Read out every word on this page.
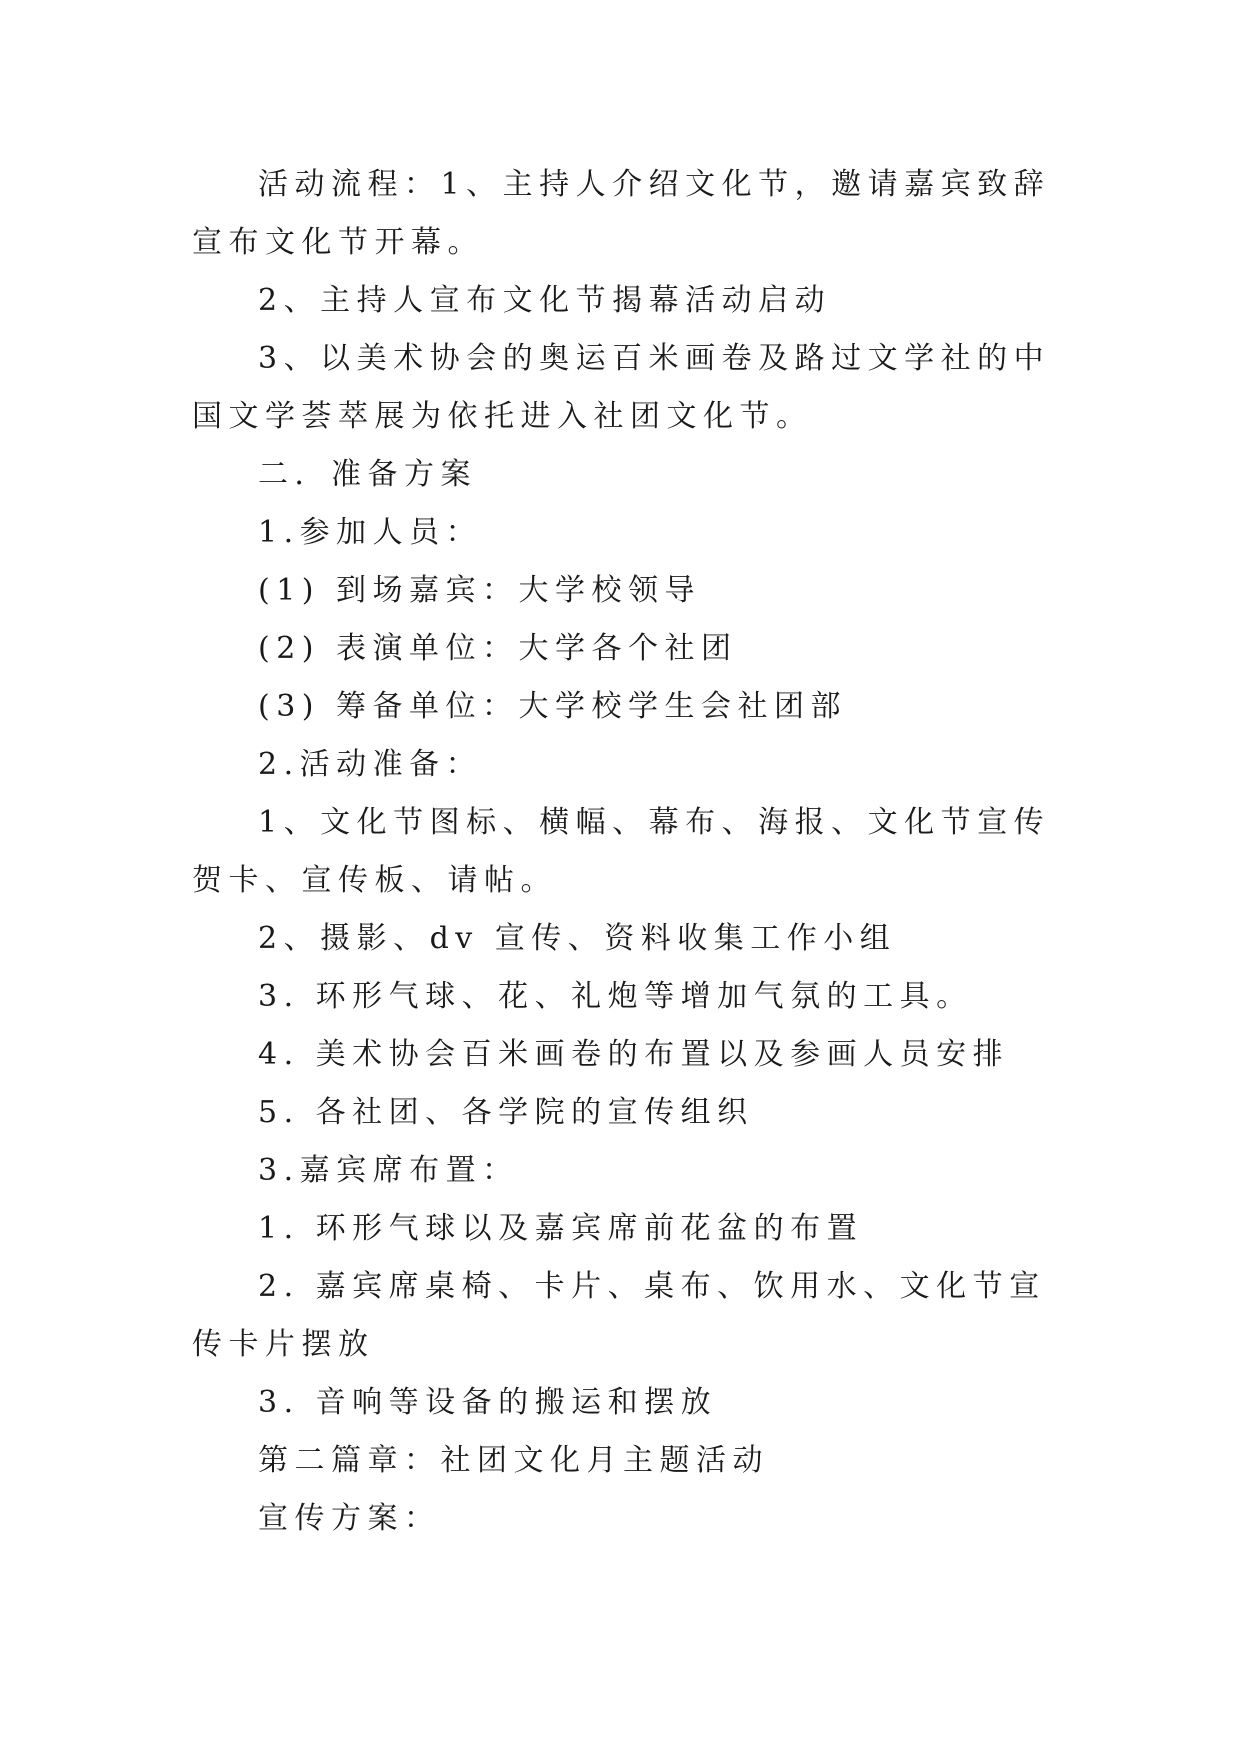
活动流程：1、主持人介绍文化节，邀请嘉宾致辞宣布文化节开幕。

2、主持人宣布文化节揭幕活动启动

3、以美术协会的奥运百米画卷及路过文学社的中国文学荟萃展为依托进入社团文化节。

二．准备方案

1.参加人员：

(1) 到场嘉宾：大学校领导

(2) 表演单位：大学各个社团

(3) 筹备单位：大学校学生会社团部

2.活动准备：

1、文化节图标、横幅、幕布、海报、文化节宣传贺卡、宣传板、请帖。

2、摄影、dv 宣传、资料收集工作小组

3. 环形气球、花、礼炮等增加气氛的工具。

4. 美术协会百米画卷的布置以及参画人员安排

5. 各社团、各学院的宣传组织

3.嘉宾席布置：

1. 环形气球以及嘉宾席前花盆的布置

2. 嘉宾席桌椅、卡片、桌布、饮用水、文化节宣传卡片摆放

3. 音响等设备的搬运和摆放

第二篇章：社团文化月主题活动

宣传方案：
